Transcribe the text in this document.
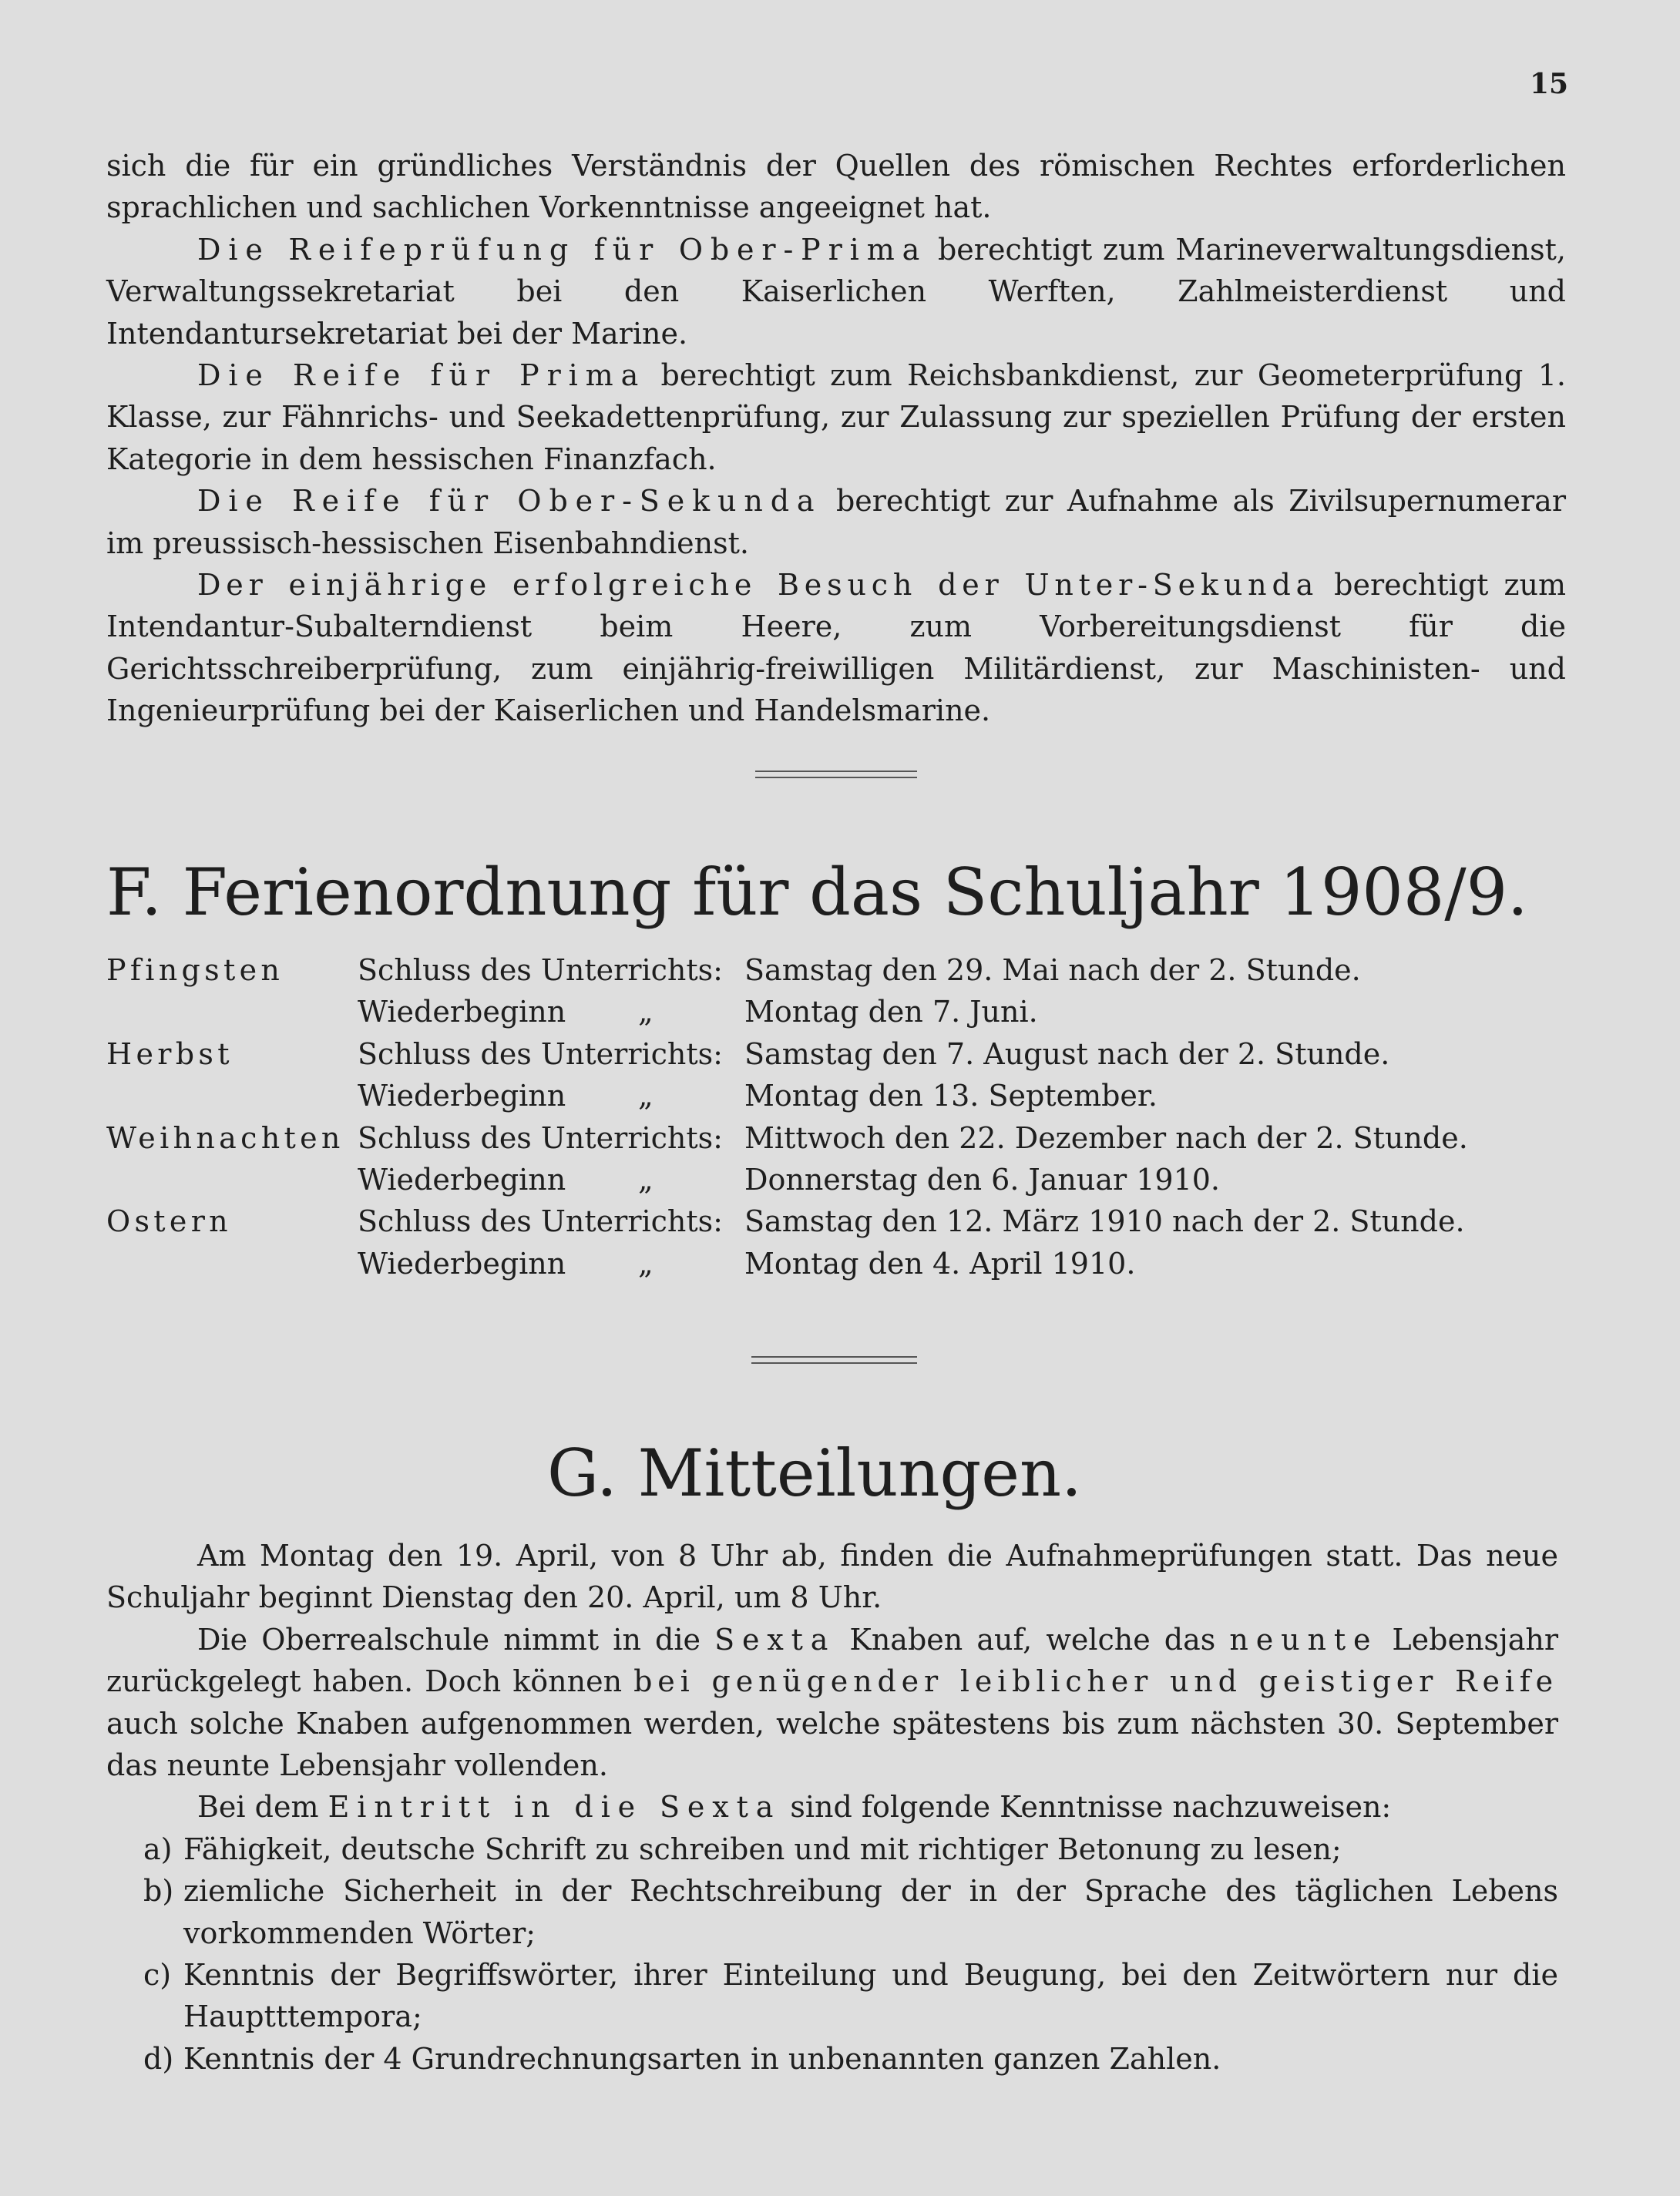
15

sich die für ein gründliches Verständnis der Quellen des römischen Rechtes erforderlichen sprachlichen und sachlichen Vorkenntnisse angeeignet hat.

Die Reifeprüfung für Ober-Prima berechtigt zum Marineverwaltungsdienst, Verwaltungssekretariat bei den Kaiserlichen Werften, Zahlmeisterdienst und Intendantursekretariat bei der Marine.

Die Reife für Prima berechtigt zum Reichsbankdienst, zur Geometerprüfung 1. Klasse, zur Fähnrichs- und Seekadettenprüfung, zur Zulassung zur speziellen Prüfung der ersten Kategorie in dem hessischen Finanzfach.

Die Reife für Ober-Sekunda berechtigt zur Aufnahme als Zivilsupernumerar im preussisch-hessischen Eisenbahndienst.

Der einjährige erfolgreiche Besuch der Unter-Sekunda berechtigt zum Intendantur-Subalterndienst beim Heere, zum Vorbereitungsdienst für die Gerichtsschreiberprüfung, zum einjährig-freiwilligen Militärdienst, zur Maschinisten- und Ingenieurprüfung bei der Kaiserlichen und Handelsmarine.

F. Ferienordnung für das Schuljahr 1908/9.
Pfingsten	Schluss des Unterrichts: Samstag den 29. Mai nach der 2. Stunde.
Wiederbeginn „	Montag den 7. Juni.
Herbst	Schluss des Unterrichts: Samstag den 7. August nach der 2. Stunde.
Wiederbeginn „	Montag den 13. September.
Weihnachten Schluss des Unterrichts: Mittwoch den 22. Dezember nach der 2. Stunde.
Wiederbeginn „	Donnerstag den 6. Januar 1910.
Ostern	Schluss des Unterrichts: Samstag den 12. März 1910 nach der 2. Stunde.
Wiederbeginn „	Montag den 4. April 1910.
G. Mitteilungen.

Am Montag den 19. April, von 8 Uhr ab, finden die Aufnahmeprüfungen statt. Das neue Schuljahr beginnt Dienstag den 20. April, um 8 Uhr.

Die Oberrealschule nimmt in die Sexta Knaben auf, welche das neunte Lebensjahr zurückgelegt haben. Doch können bei genügender leiblicher und geistiger Reife auch solche Knaben aufgenommen werden, welche spätestens bis zum nächsten 30. September das neunte Lebensjahr vollenden.

Bei dem Eintritt in die Sexta sind folgende Kenntnisse nachzuweisen:

a) Fähigkeit, deutsche Schrift zu schreiben und mit richtiger Betonung zu lesen;
b) ziemliche Sicherheit in der Rechtschreibung der in der Sprache des täglichen Lebens vorkommenden Wörter;
c) Kenntnis der Begriffswörter, ihrer Einteilung und Beugung, bei den Zeitwörtern nur die Hauptttempora;
d) Kenntnis der 4 Grundrechnungsarten in unbenannten ganzen Zahlen.
